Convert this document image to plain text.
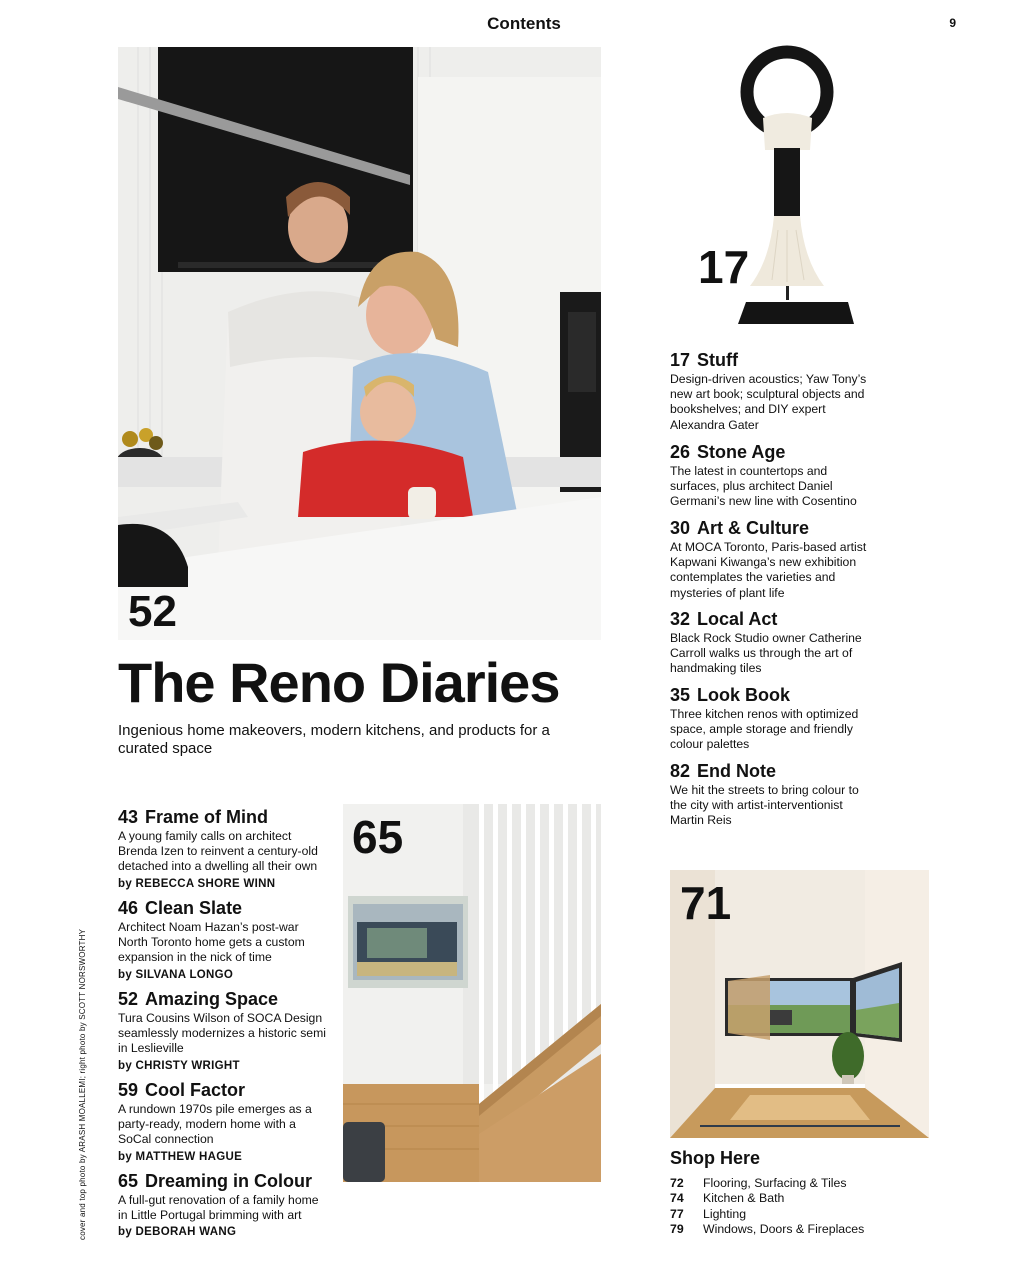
Contents	9
52
The Reno Diaries
Ingenious home makeovers, modern kitchens, and products for a curated space
17
17 Stuff
Design-driven acoustics; Yaw Tony’s new art book; sculptural objects and bookshelves; and DIY expert Alexandra Gater
26 Stone Age
The latest in countertops and surfaces, plus architect Daniel Germani’s new line with Cosentino
30 Art & Culture
At MOCA Toronto, Paris-based artist Kapwani Kiwanga’s new exhibition contemplates the varieties and mysteries of plant life
32 Local Act
Black Rock Studio owner Catherine Carroll walks us through the art of handmaking tiles
35 Look Book
Three kitchen renos with optimized space, ample storage and friendly colour palettes
82 End Note
We hit the streets to bring colour to the city with artist-interventionist Martin Reis
43 Frame of Mind
A young family calls on architect Brenda Izen to reinvent a century-old detached into a dwelling all their own
by REBECCA SHORE WINN
46 Clean Slate
Architect Noam Hazan’s post-war North Toronto home gets a custom expansion in the nick of time
by SILVANA LONGO
52 Amazing Space
Tura Cousins Wilson of SOCA Design seamlessly modernizes a historic semi in Leslieville
by CHRISTY WRIGHT
59 Cool Factor
A rundown 1970s pile emerges as a party-ready, modern home with a SoCal connection
by MATTHEW HAGUE
65 Dreaming in Colour
A full-gut renovation of a family home in Little Portugal brimming with art
by DEBORAH WANG
65
71
Shop Here
72	Flooring, Surfacing & Tiles
74	Kitchen & Bath
77	Lighting
79	Windows, Doors & Fireplaces
cover and top photo by ARASH MOALLEMI; right photo by SCOTT NORSWORTHY
